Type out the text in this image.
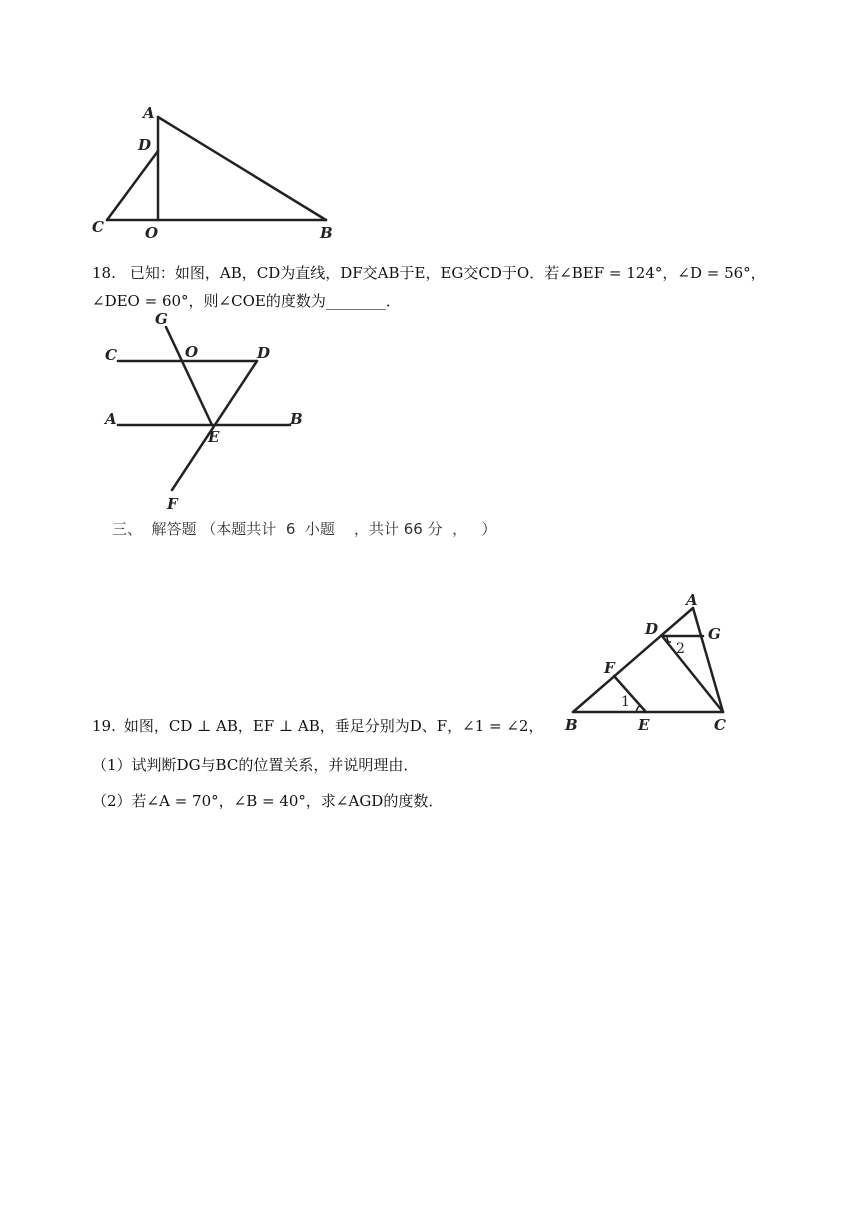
A
D
C	O	B
18. 已知：如图，AB，CD为直线，DF交AB于E，EG交CD于O．若∠BEF = 124°，∠D = 56°，
∠DEO = 60°，则∠COE的度数为________．
G
C	O	D
A
E
B
F
三、  解答题 （本题共计  6  小题    ，共计 66 分  ，   ）
A
D	G
F
B	E	C
1
2
19. 如图，CD ⊥ AB，EF ⊥ AB，垂足分别为D、F，∠1 = ∠2，
（1）试判断DG与BC的位置关系，并说明理由．
（2）若∠A = 70°，∠B = 40°，求∠AGD的度数．
